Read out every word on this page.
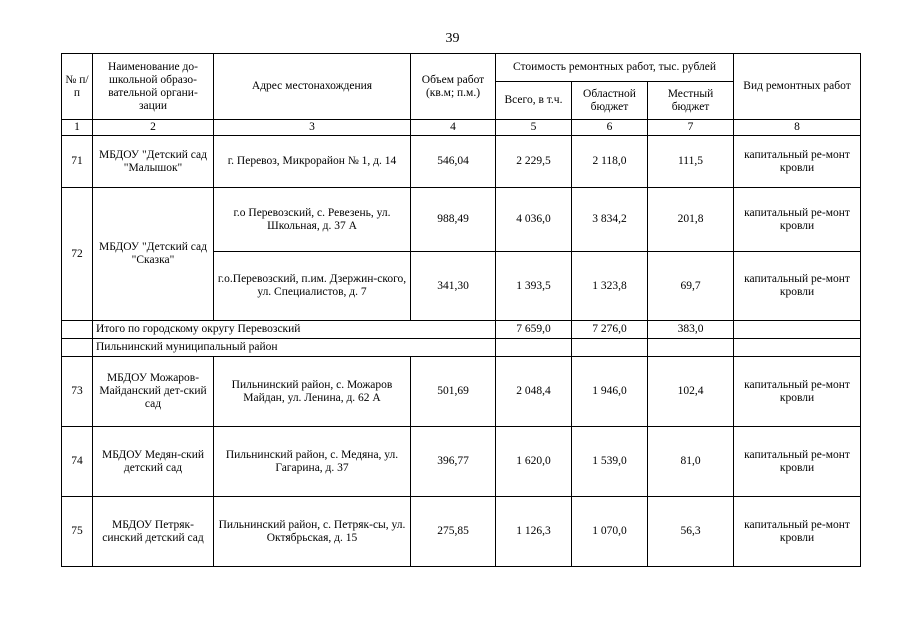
39
№ п/п	Наименование до-школьной образо-вательной органи-зации	Адрес местонахождения	Объем работ (кв.м; п.м.)	Стоимость ремонтных работ, тыс. рублей			Вид ремонтных работ
				Всего, в т.ч.	Областной бюджет	Местный бюджет	
1	2	3	4	5	6	7	8
71	МБДОУ "Детский сад "Малышок"	г. Перевоз, Микрорайон № 1, д. 14	546,04	2 229,5	2 118,0	111,5	капитальный ре-монт кровли
72	МБДОУ "Детский сад "Сказка"	г.о Перевозский, с. Ревезень, ул. Школьная, д. 37 А	988,49	4 036,0	3 834,2	201,8	капитальный ре-монт кровли
		г.о.Перевозский, п.им. Дзержин-ского, ул. Специалистов, д. 7	341,30	1 393,5	1 323,8	69,7	капитальный ре-монт кровли
	Итого по городскому округу Перевозский			7 659,0	7 276,0	383,0	
	Пильнинский муниципальный район						
73	МБДОУ Можаров-Майданский дет-ский сад	Пильнинский район, с. Можаров Майдан, ул. Ленина, д. 62 А	501,69	2 048,4	1 946,0	102,4	капитальный ре-монт кровли
74	МБДОУ Медян-ский детский сад	Пильнинский район, с. Медяна, ул. Гагарина, д. 37	396,77	1 620,0	1 539,0	81,0	капитальный ре-монт кровли
75	МБДОУ Петряк-синский детский сад	Пильнинский район, с. Петряк-сы, ул. Октябрьская, д. 15	275,85	1 126,3	1 070,0	56,3	капитальный ре-монт кровли
